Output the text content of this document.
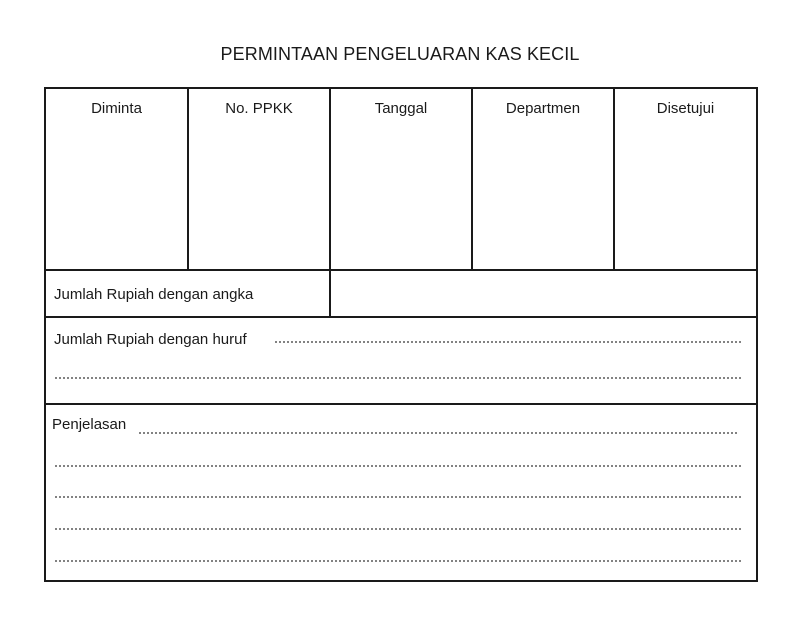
PERMINTAAN PENGELUARAN KAS KECIL
Diminta	No. PPKK	Tanggal	Departmen	Disetujui
Jumlah Rupiah dengan angka
Jumlah Rupiah dengan huruf
Penjelasan
